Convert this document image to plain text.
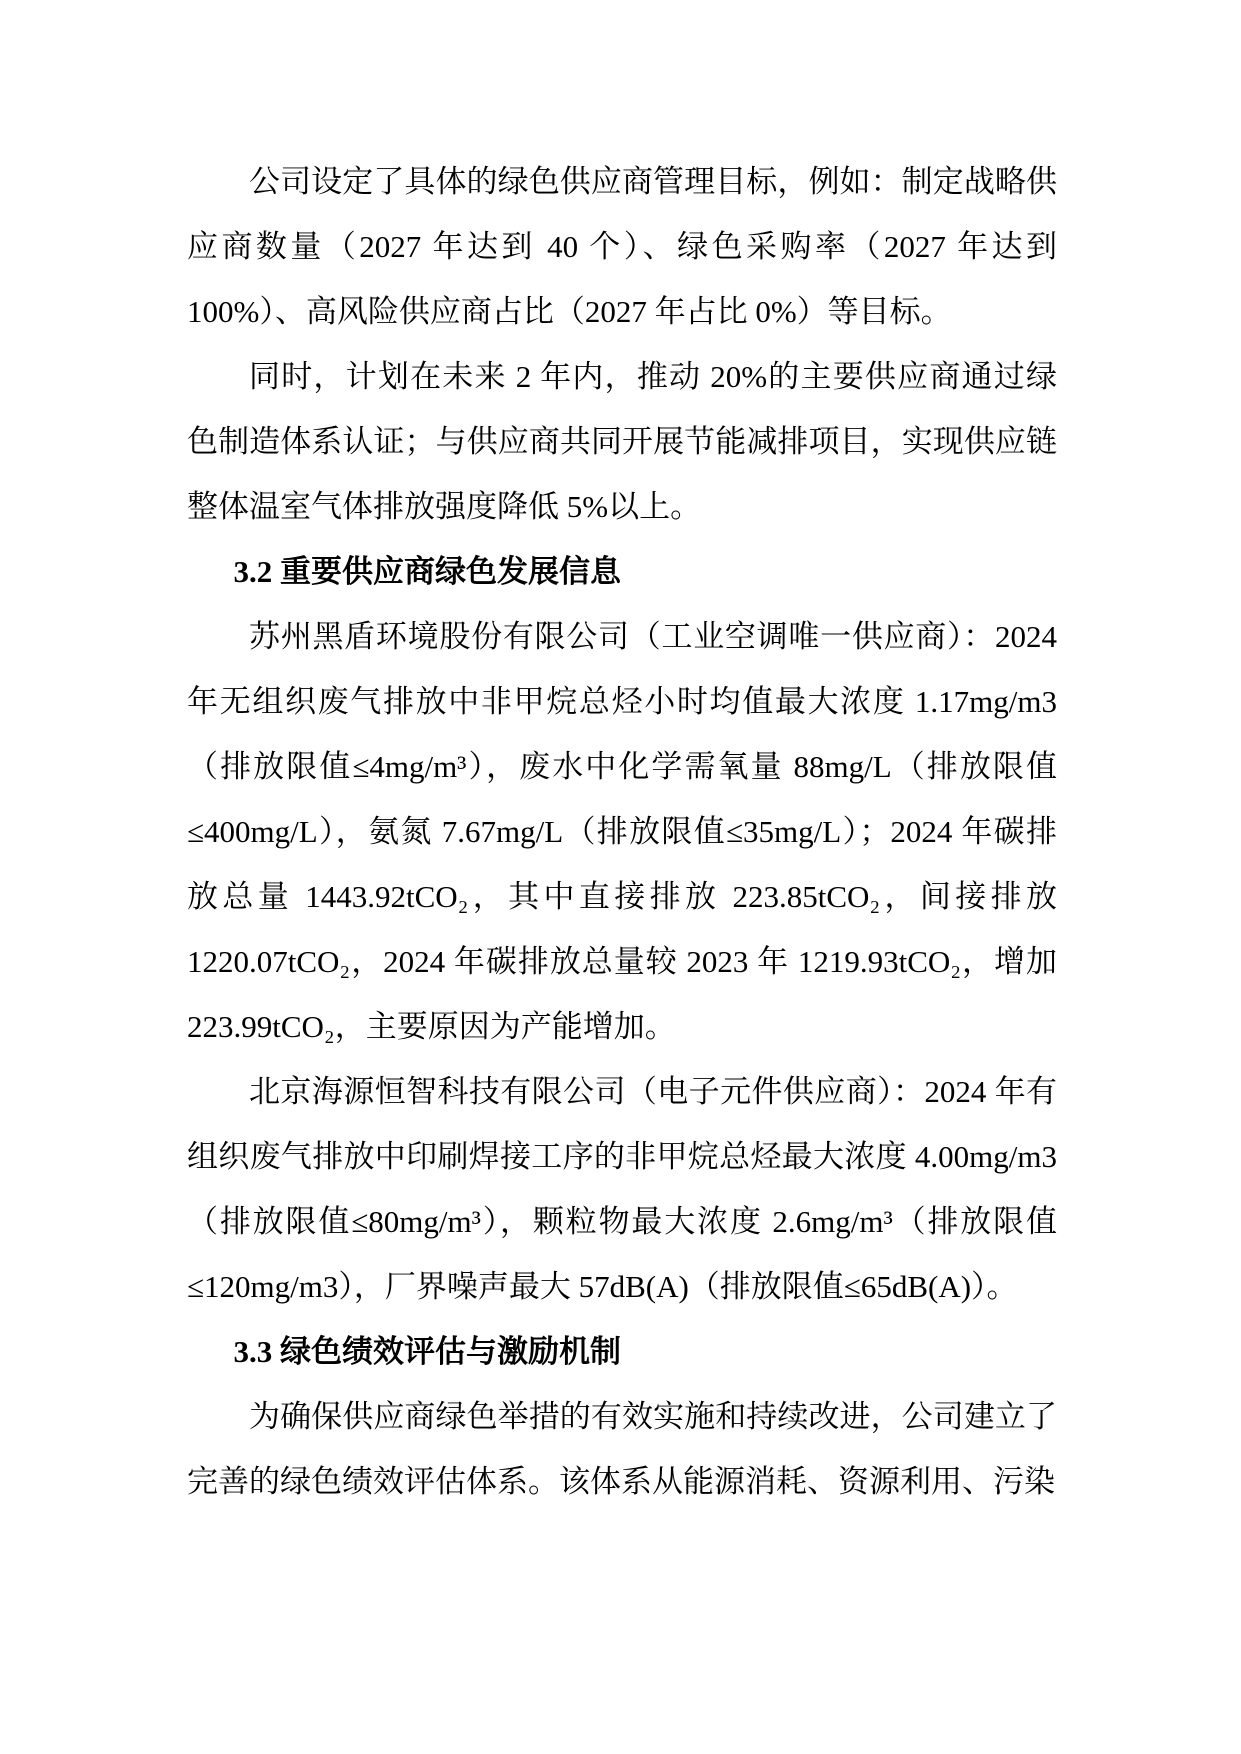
公司设定了具体的绿色供应商管理目标，例如：制定战略供应商数量（2027 年达到 40 个）、绿色采购率（2027 年达到 100%）、高风险供应商占比（2027 年占比 0%）等目标。

同时，计划在未来 2 年内，推动 20%的主要供应商通过绿色制造体系认证；与供应商共同开展节能减排项目，实现供应链整体温室气体排放强度降低 5%以上。

3.2 重要供应商绿色发展信息

苏州黑盾环境股份有限公司（工业空调唯一供应商）：2024 年无组织废气排放中非甲烷总烃小时均值最大浓度 1.17mg/m3（排放限值≤4mg/m³），废水中化学需氧量 88mg/L（排放限值≤400mg/L），氨氮 7.67mg/L（排放限值≤35mg/L）；2024 年碳排放总量 1443.92tCO₂，其中直接排放 223.85tCO₂，间接排放 1220.07tCO₂，2024 年碳排放总量较 2023 年 1219.93tCO₂，增加 223.99tCO₂，主要原因为产能增加。

北京海源恒智科技有限公司（电子元件供应商）：2024 年有组织废气排放中印刷焊接工序的非甲烷总烃最大浓度 4.00mg/m3（排放限值≤80mg/m³），颗粒物最大浓度 2.6mg/m³（排放限值≤120mg/m3），厂界噪声最大 57dB(A)（排放限值≤65dB(A)）。

3.3 绿色绩效评估与激励机制

为确保供应商绿色举措的有效实施和持续改进，公司建立了完善的绿色绩效评估体系。该体系从能源消耗、资源利用、污染
